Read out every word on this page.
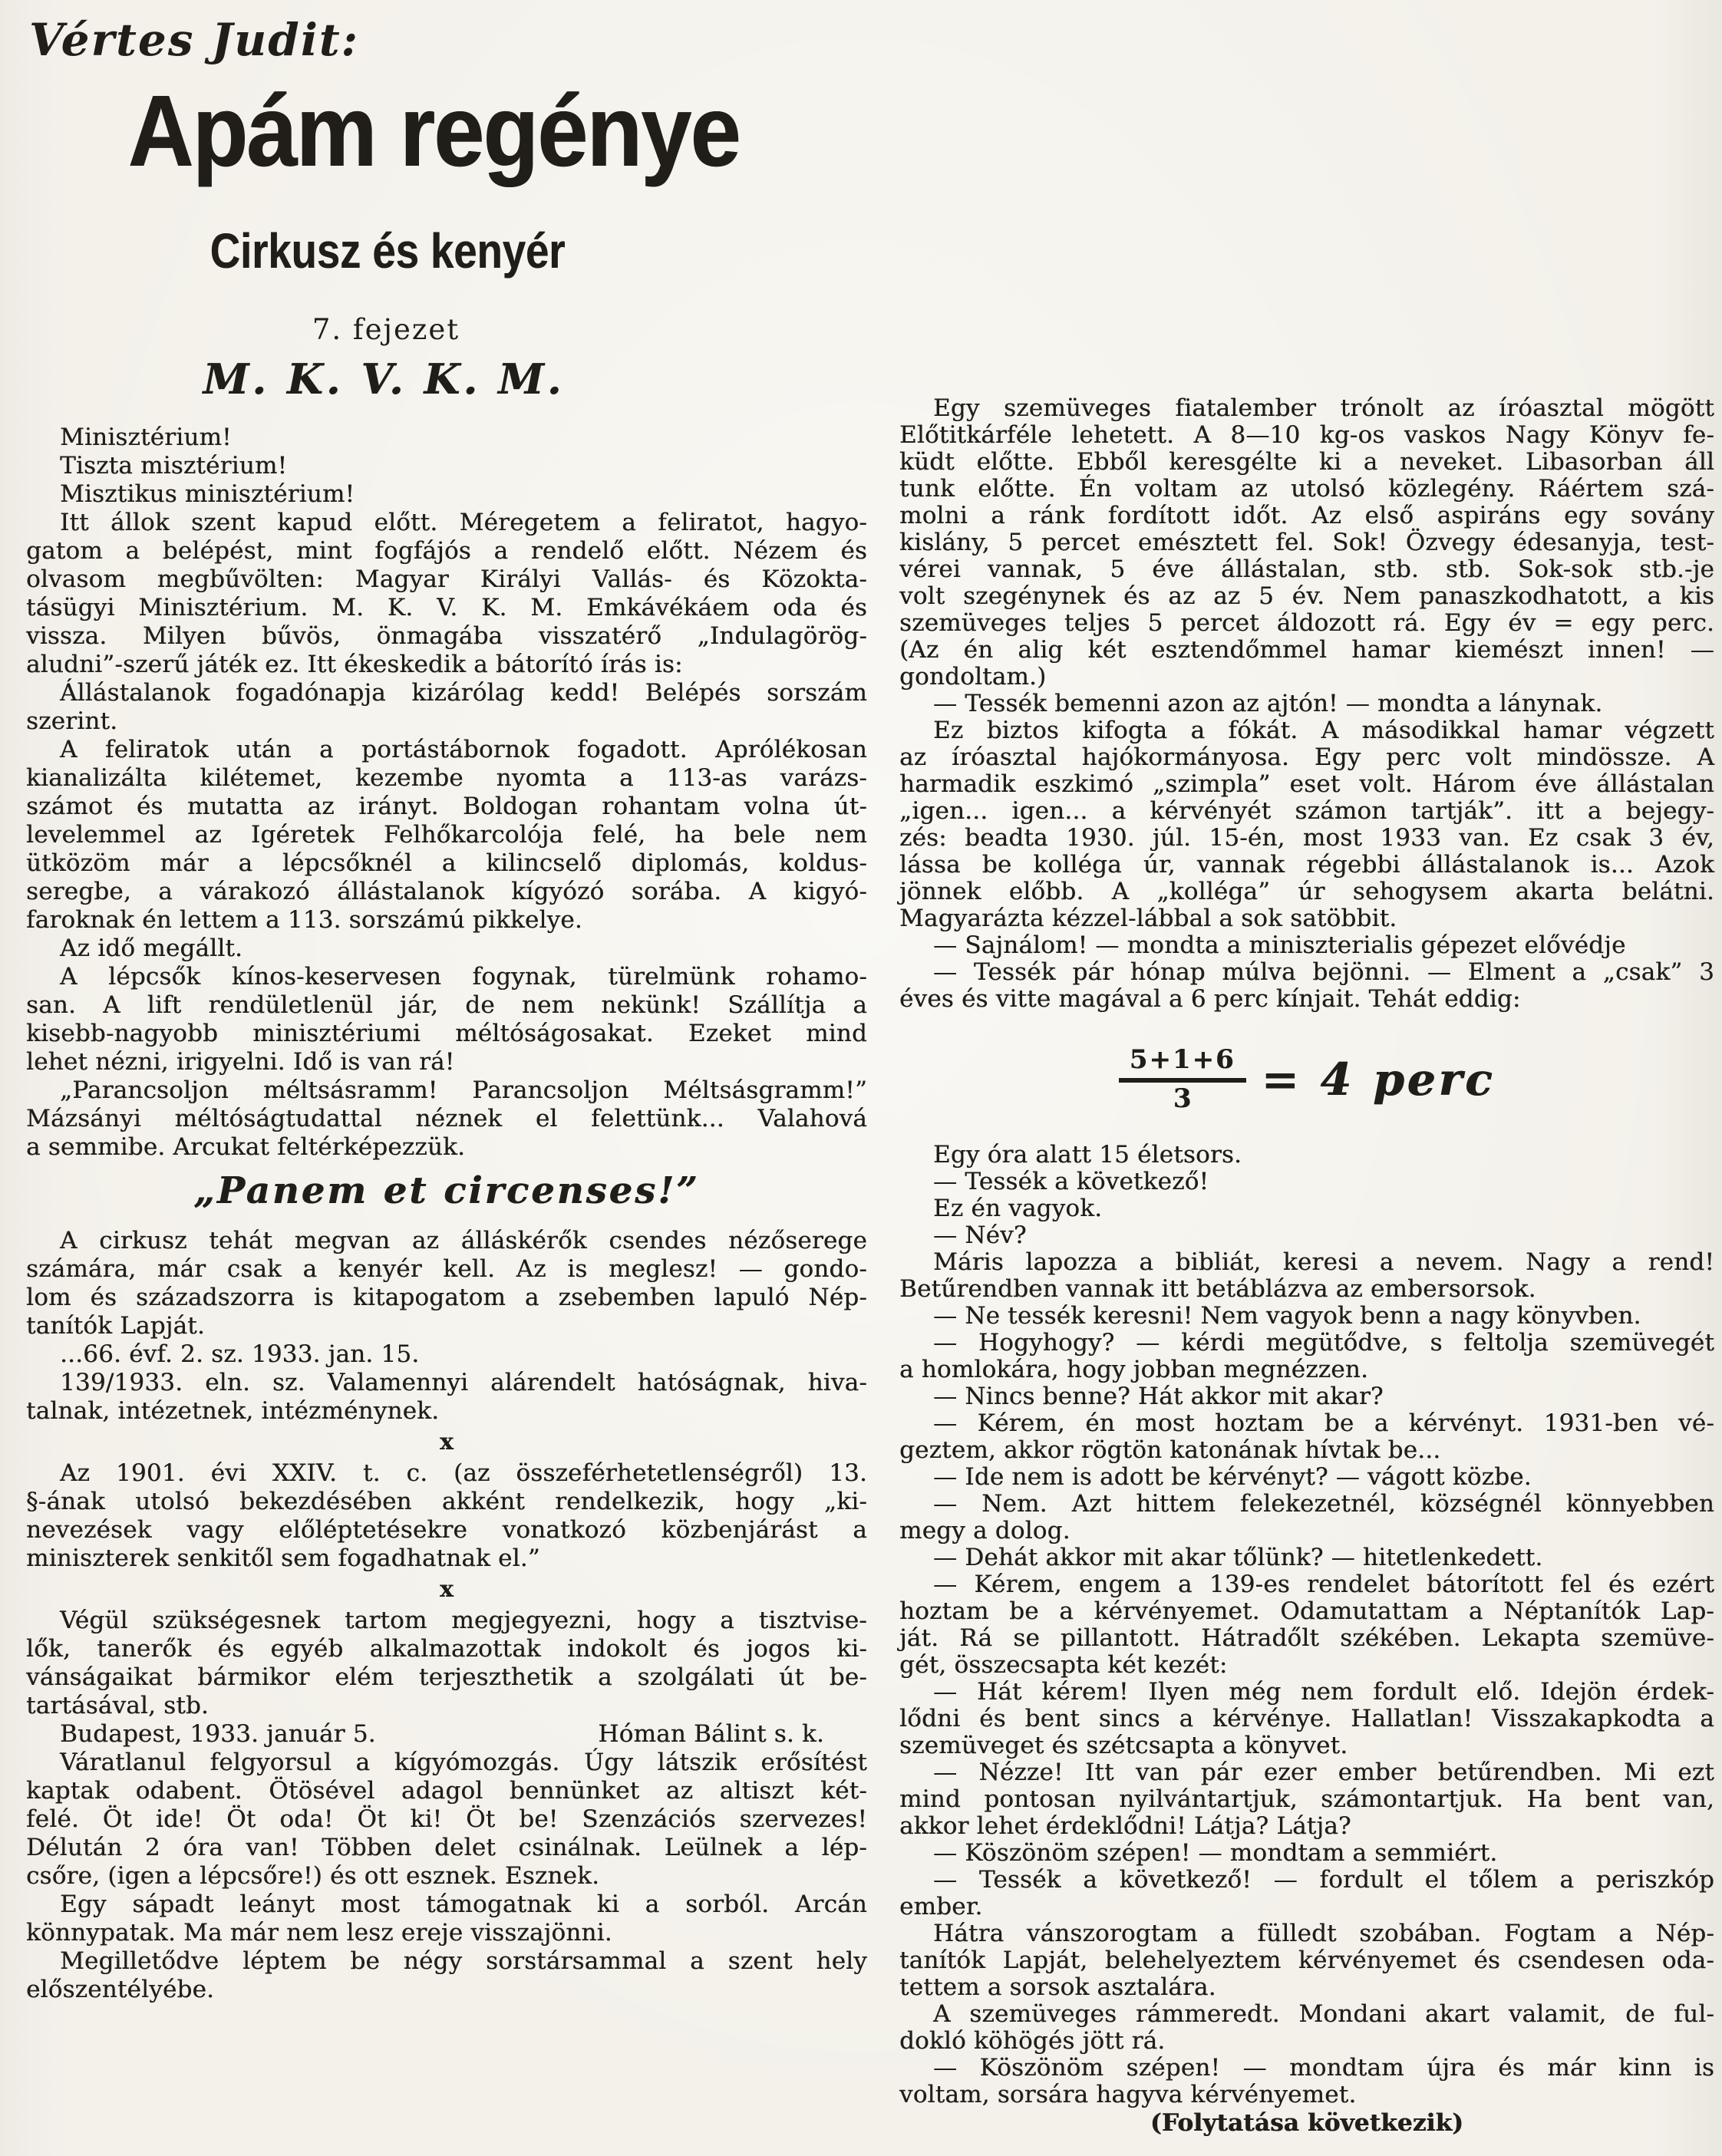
Vértes Judit:
Apám regénye
Cirkusz és kenyér
7. fejezet
M. K. V. K. M.
Minisztérium!
Tiszta misztérium!
Misztikus minisztérium!
Itt állok szent kapud előtt. Méregetem a feliratot, hagyo-
gatom a belépést, mint fogfájós a rendelő előtt. Nézem és
olvasom megbűvölten: Magyar Királyi Vallás- és Közokta-
tásügyi Minisztérium. M. K. V. K. M. Emkávékáem oda és
vissza. Milyen bűvös, önmagába visszatérő „Indulagörög-
aludni”-szerű játék ez. Itt ékeskedik a bátorító írás is:
Állástalanok fogadónapja kizárólag kedd! Belépés sorszám
szerint.
A feliratok után a portástábornok fogadott. Aprólékosan
kianalizálta kilétemet, kezembe nyomta a 113-as varázs-
számot és mutatta az irányt. Boldogan rohantam volna út-
levelemmel az Igéretek Felhőkarcolója felé, ha bele nem
ütközöm már a lépcsőknél a kilincselő diplomás, koldus-
seregbe, a várakozó állástalanok kígyózó sorába. A kigyó-
faroknak én lettem a 113. sorszámú pikkelye.
Az idő megállt.
A lépcsők kínos-keservesen fogynak, türelmünk rohamo-
san. A lift rendületlenül jár, de nem nekünk! Szállítja a
kisebb-nagyobb minisztériumi méltóságosakat. Ezeket mind
lehet nézni, irigyelni. Idő is van rá!
„Parancsoljon méltsásramm! Parancsoljon Méltsásgramm!”
Mázsányi méltóságtudattal néznek el felettünk... Valahová
a semmibe. Arcukat feltérképezzük.
„Panem et circenses!”
A cirkusz tehát megvan az álláskérők csendes nézőserege
számára, már csak a kenyér kell. Az is meglesz! — gondo-
lom és századszorra is kitapogatom a zsebemben lapuló Nép-
tanítók Lapját.
...66. évf. 2. sz. 1933. jan. 15.
139/1933. eln. sz. Valamennyi alárendelt hatóságnak, hiva-
talnak, intézetnek, intézménynek.
x
Az 1901. évi XXIV. t. c. (az összeférhetetlenségről) 13.
§-ának utolsó bekezdésében akként rendelkezik, hogy „ki-
nevezések vagy előléptetésekre vonatkozó közbenjárást a
miniszterek senkitől sem fogadhatnak el.”
x
Végül szükségesnek tartom megjegyezni, hogy a tisztvise-
lők, tanerők és egyéb alkalmazottak indokolt és jogos ki-
vánságaikat bármikor elém terjeszthetik a szolgálati út be-
tartásával, stb.
Budapest, 1933. január 5.	Hóman Bálint s. k.
Váratlanul felgyorsul a kígyómozgás. Úgy látszik erősítést
kaptak odabent. Ötösével adagol bennünket az altiszt két-
felé. Öt ide! Öt oda! Öt ki! Öt be! Szenzációs szervezes!
Délután 2 óra van! Többen delet csinálnak. Leülnek a lép-
csőre, (igen a lépcsőre!) és ott esznek. Esznek.
Egy sápadt leányt most támogatnak ki a sorból. Arcán
könnypatak. Ma már nem lesz ereje visszajönni.
Megilletődve léptem be négy sorstársammal a szent hely
előszentélyébe.
Egy szemüveges fiatalember trónolt az íróasztal mögött
Előtitkárféle lehetett. A 8—10 kg-os vaskos Nagy Könyv fe-
küdt előtte. Ebből keresgélte ki a neveket. Libasorban áll
tunk előtte. Én voltam az utolsó közlegény. Ráértem szá-
molni a ránk fordított időt. Az első aspiráns egy sovány
kislány, 5 percet emésztett fel. Sok! Özvegy édesanyja, test-
vérei vannak, 5 éve állástalan, stb. stb. Sok-sok stb.-je
volt szegénynek és az az 5 év. Nem panaszkodhatott, a kis
szemüveges teljes 5 percet áldozott rá. Egy év = egy perc.
(Az én alig két esztendőmmel hamar kiemészt innen! —
gondoltam.)
— Tessék bemenni azon az ajtón! — mondta a lánynak.
Ez biztos kifogta a fókát. A másodikkal hamar végzett
az íróasztal hajókormányosa. Egy perc volt mindössze. A
harmadik eszkimó „szimpla” eset volt. Három éve állástalan
„igen... igen... a kérvényét számon tartják”. itt a bejegy-
zés: beadta 1930. júl. 15-én, most 1933 van. Ez csak 3 év,
lássa be kolléga úr, vannak régebbi állástalanok is... Azok
jönnek előbb. A „kolléga” úr sehogysem akarta belátni.
Magyarázta kézzel-lábbal a sok satöbbit.
— Sajnálom! — mondta a miniszterialis gépezet elővédje
— Tessék pár hónap múlva bejönni. — Elment a „csak” 3
éves és vitte magával a 6 perc kínjait. Tehát eddig:
$\frac{5+1+6}{3} = 4$ perc
Egy óra alatt 15 életsors.
— Tessék a következő!
Ez én vagyok.
— Név?
Máris lapozza a bibliát, keresi a nevem. Nagy a rend!
Betűrendben vannak itt betáblázva az embersorsok.
— Ne tessék keresni! Nem vagyok benn a nagy könyvben.
— Hogyhogy? — kérdi megütődve, s feltolja szemüvegét
a homlokára, hogy jobban megnézzen.
— Nincs benne? Hát akkor mit akar?
— Kérem, én most hoztam be a kérvényt. 1931-ben vé-
geztem, akkor rögtön katonának hívtak be...
— Ide nem is adott be kérvényt? — vágott közbe.
— Nem. Azt hittem felekezetnél, községnél könnyebben
megy a dolog.
— Dehát akkor mit akar tőlünk? — hitetlenkedett.
— Kérem, engem a 139-es rendelet bátorított fel és ezért
hoztam be a kérvényemet. Odamutattam a Néptanítók Lap-
ját. Rá se pillantott. Hátradőlt székében. Lekapta szemüve-
gét, összecsapta két kezét:
— Hát kérem! Ilyen még nem fordult elő. Idejön érdek-
lődni és bent sincs a kérvénye. Hallatlan! Visszakapkodta a
szemüveget és szétcsapta a könyvet.
— Nézze! Itt van pár ezer ember betűrendben. Mi ezt
mind pontosan nyilvántartjuk, számontartjuk. Ha bent van,
akkor lehet érdeklődni! Látja? Látja?
— Köszönöm szépen! — mondtam a semmiért.
— Tessék a következő! — fordult el tőlem a periszkóp
ember.
Hátra vánszorogtam a fülledt szobában. Fogtam a Nép-
tanítók Lapját, belehelyeztem kérvényemet és csendesen oda-
tettem a sorsok asztalára.
A szemüveges rámmeredt. Mondani akart valamit, de ful-
dokló köhögés jött rá.
— Köszönöm szépen! — mondtam újra és már kinn is
voltam, sorsára hagyva kérvényemet.
(Folytatása következik)
